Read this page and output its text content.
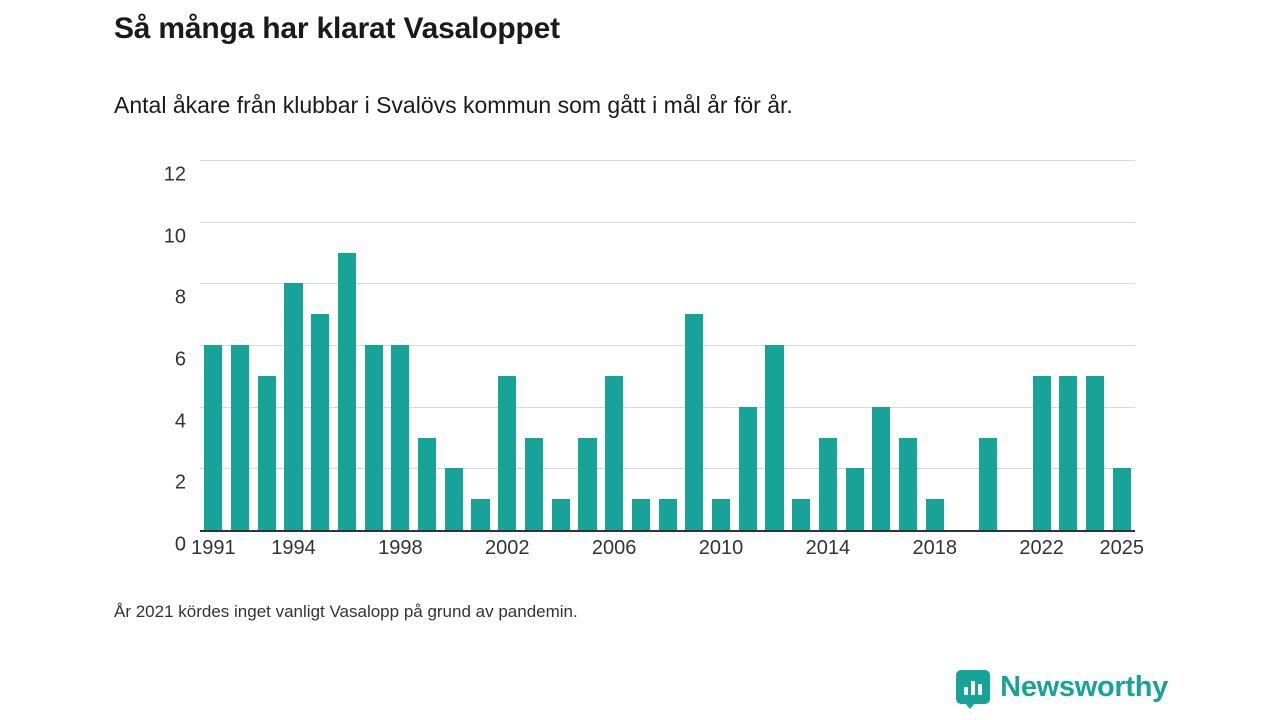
Så många har klarat Vasaloppet
Antal åkare från klubbar i Svalövs kommun som gått i mål år för år.
0
2
4
6
8
10
12
1991 1994	1998	2002	2006	2010	2014	2018	2022 2025
År 2021 kördes inget vanligt Vasalopp på grund av pandemin.
Newsworthy
